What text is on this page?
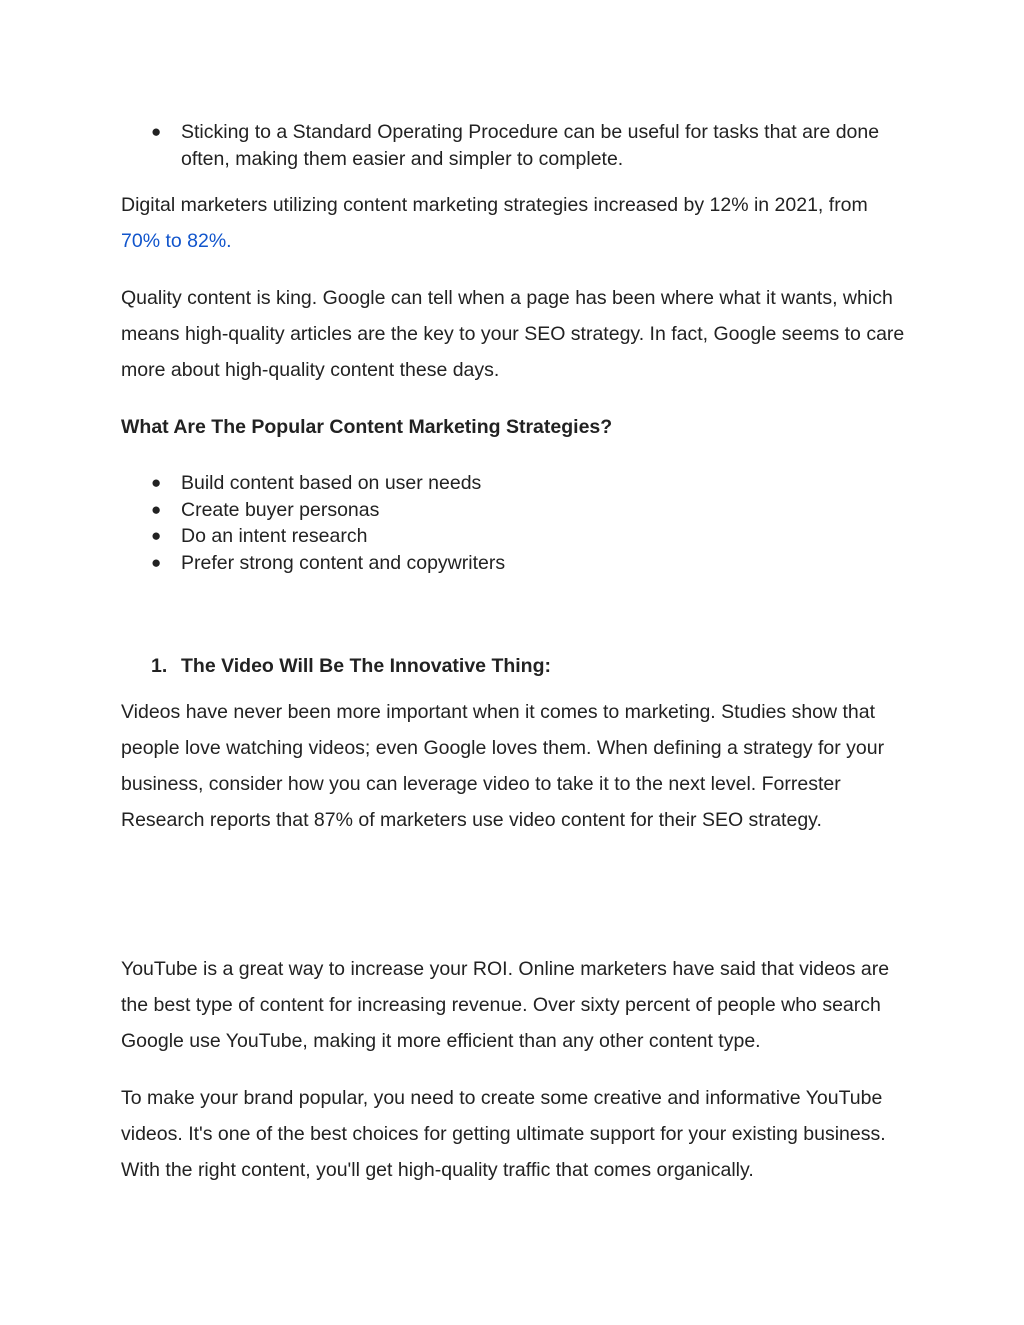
● Sticking to a Standard Operating Procedure can be useful for tasks that are done often, making them easier and simpler to complete.
Digital marketers utilizing content marketing strategies increased by 12% in 2021, from
70% to 82%.
Quality content is king. Google can tell when a page has been where what it wants, which means high-quality articles are the key to your SEO strategy. In fact, Google seems to care more about high-quality content these days.
What Are The Popular Content Marketing Strategies?
● Build content based on user needs
● Create buyer personas
● Do an intent research
● Prefer strong content and copywriters
1. The Video Will Be The Innovative Thing:
Videos have never been more important when it comes to marketing. Studies show that people love watching videos; even Google loves them. When defining a strategy for your business, consider how you can leverage video to take it to the next level. Forrester Research reports that 87% of marketers use video content for their SEO strategy.
YouTube is a great way to increase your ROI. Online marketers have said that videos are the best type of content for increasing revenue. Over sixty percent of people who search Google use YouTube, making it more efficient than any other content type.
To make your brand popular, you need to create some creative and informative YouTube videos. It's one of the best choices for getting ultimate support for your existing business. With the right content, you'll get high-quality traffic that comes organically.
